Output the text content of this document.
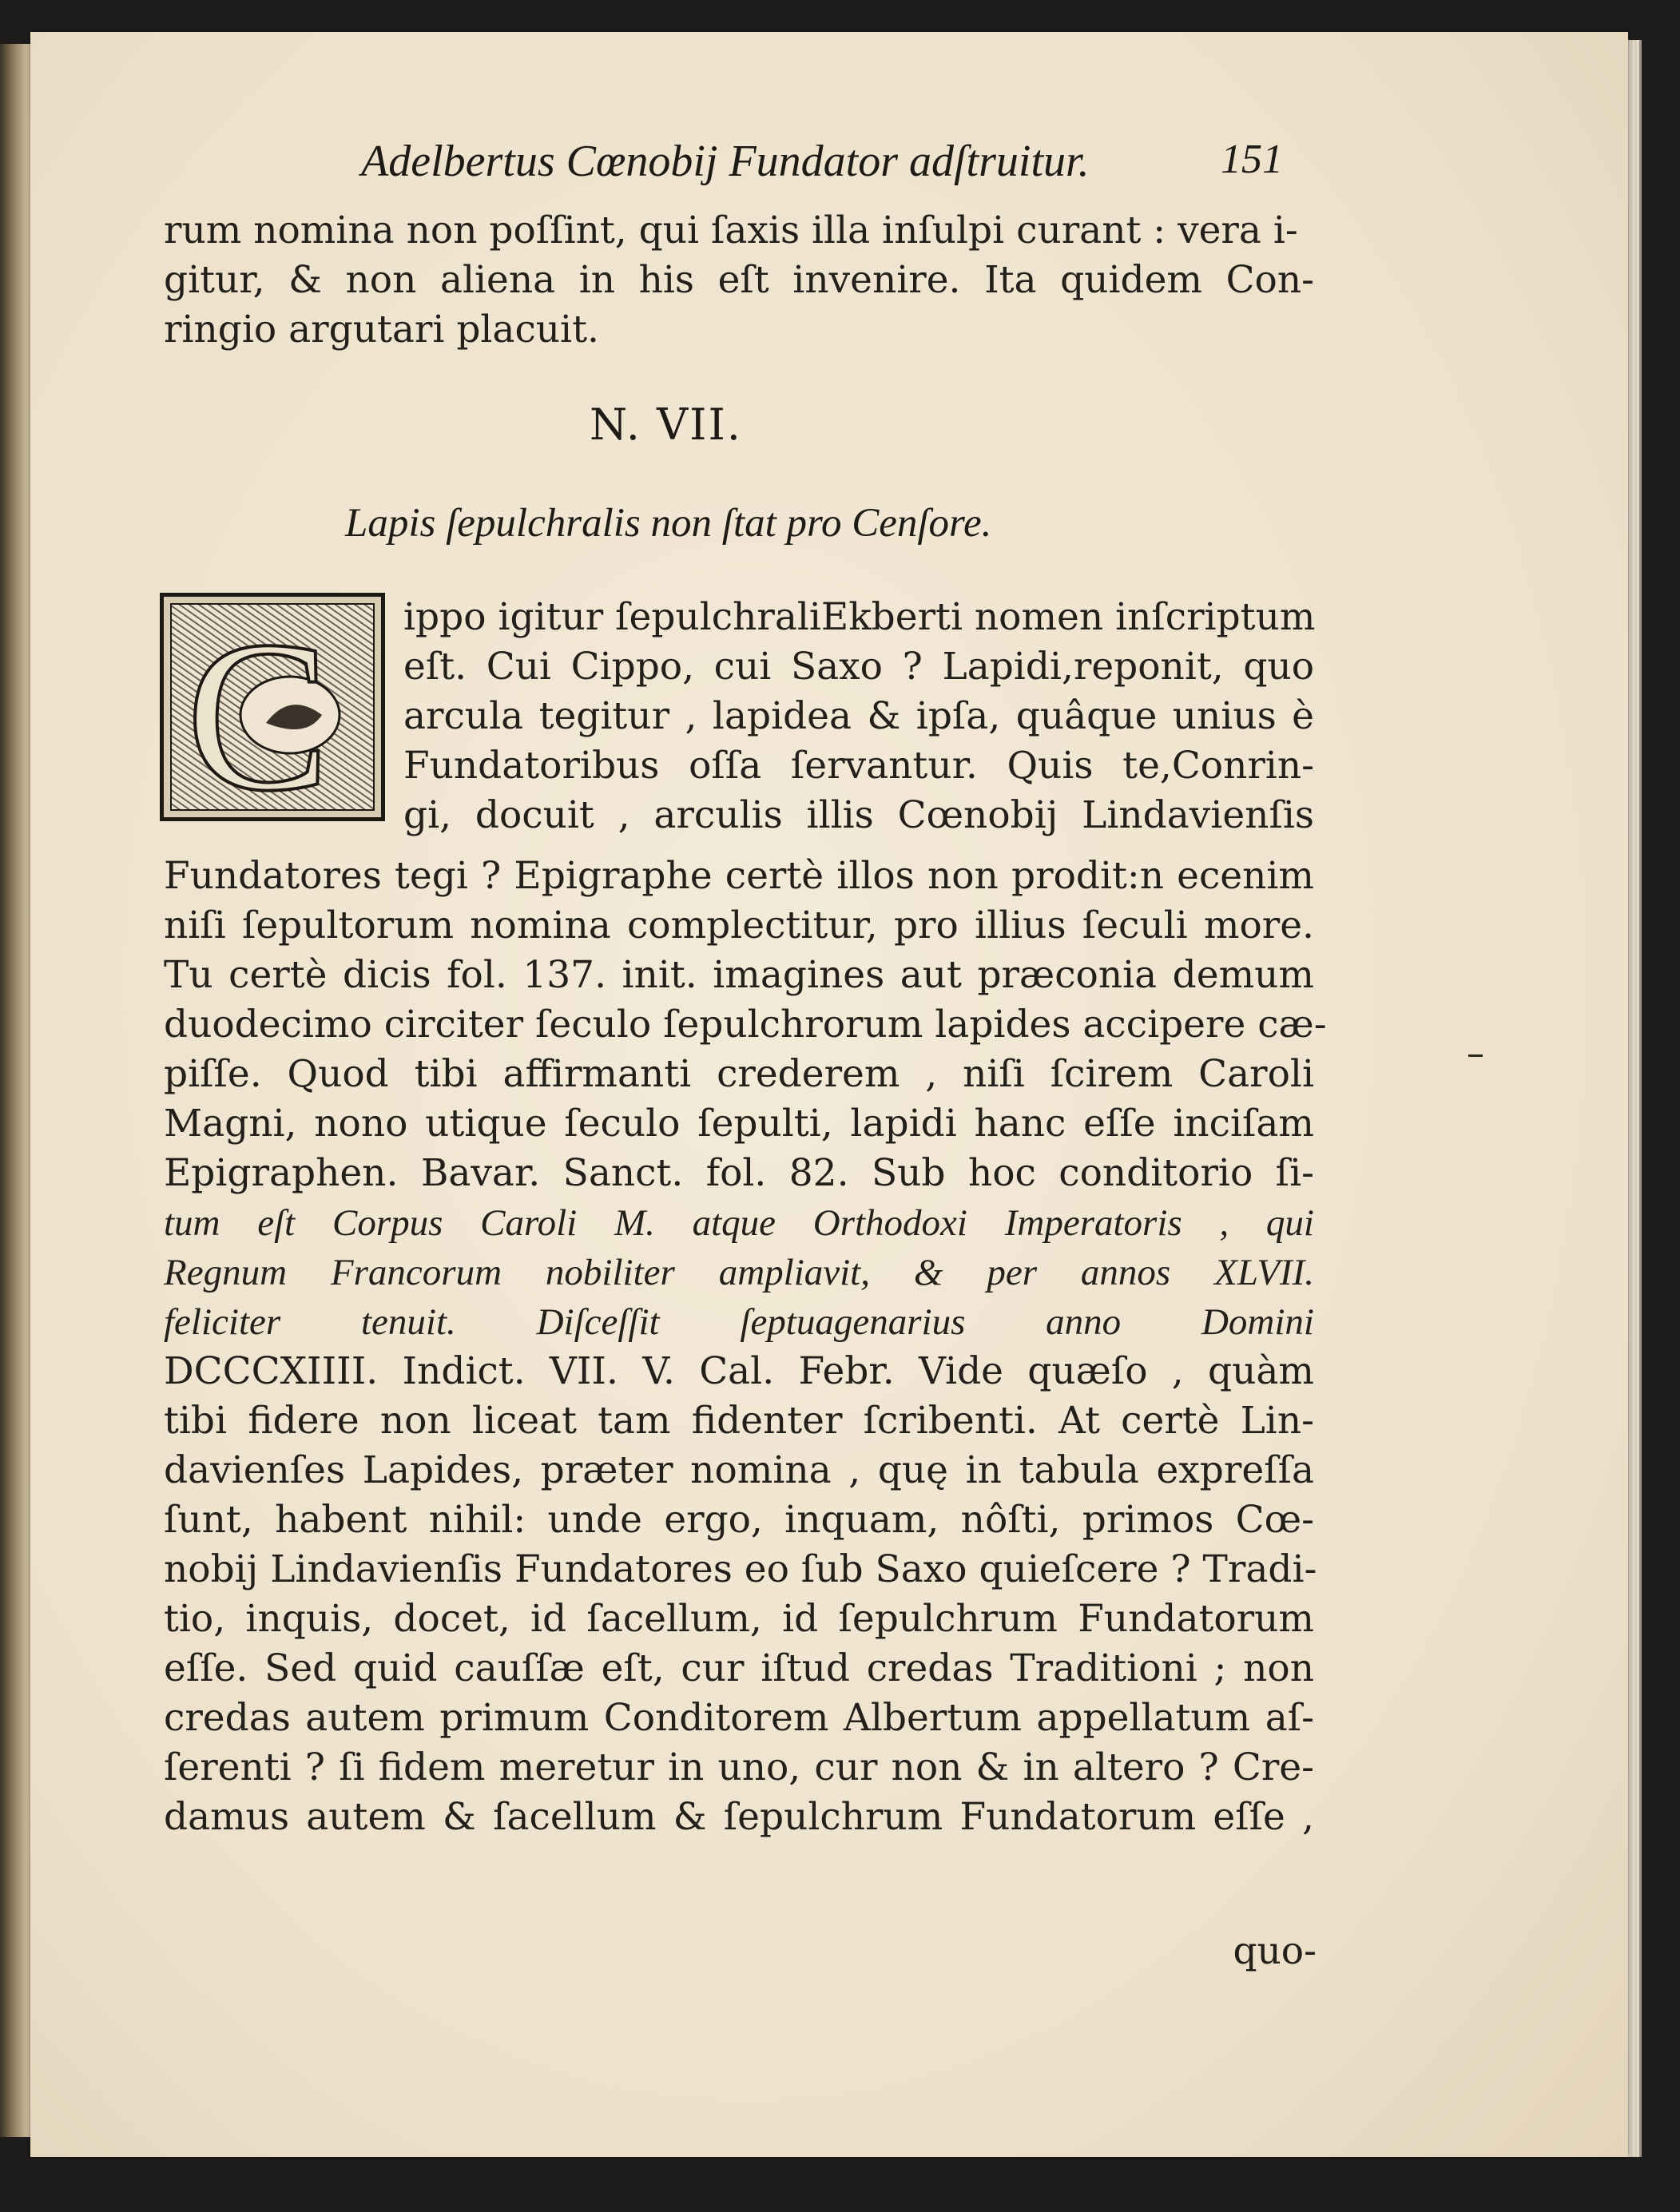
Adelbertus Cœnobij Fundator adſtruitur.	151
rum nomina non poſſint, qui ſaxis illa inſulpi curant : vera i-
gitur, & non aliena in his eſt invenire. Ita quidem Con-
ringio argutari placuit.
N. VII.
Lapis ſepulchralis non ſtat pro Cenſore.
C ippo igitur ſepulchraliEkberti nomen inſcriptum
eſt. Cui Cippo, cui Saxo ? Lapidi,reponit, quo
arcula tegitur , lapidea & ipſa, quâque unius è
Fundatoribus oſſa ſervantur. Quis te,Conrin-
gi, docuit , arculis illis Cœnobij Lindavienſis
Fundatores tegi ? Epigraphe certè illos non prodit:n ecenim
niſi ſepultorum nomina complectitur, pro illius ſeculi more.
Tu certè dicis fol. 137. init. imagines aut præconia demum
duodecimo circiter ſeculo ſepulchrorum lapides accipere cæ-
piſſe. Quod tibi affirmanti crederem , niſi ſcirem Caroli
Magni, nono utique ſeculo ſepulti, lapidi hanc eſſe inciſam
Epigraphen. Bavar. Sanct. fol. 82. Sub hoc conditorio ſi-
tum eſt Corpus Caroli M. atque Orthodoxi Imperatoris , qui
Regnum Francorum nobiliter ampliavit, & per annos XLVII.
feliciter tenuit. Diſceſſit ſeptuagenarius anno Domini
DCCCXIIII. Indict. VII. V. Cal. Febr. Vide quæſo , quàm
tibi fidere non liceat tam fidenter ſcribenti. At certè Lin-
davienſes Lapides, præter nomina , quę in tabula expreſſa
ſunt, habent nihil: unde ergo, inquam, nôſti, primos Cœ-
nobij Lindavienſis Fundatores eo ſub Saxo quieſcere ? Tradi-
tio, inquis, docet, id ſacellum, id ſepulchrum Fundatorum
eſſe. Sed quid cauſſæ eſt, cur iſtud credas Traditioni ; non
credas autem primum Conditorem Albertum appellatum aſ-
ſerenti ? ſi fidem meretur in uno, cur non & in altero ? Cre-
damus autem & ſacellum & ſepulchrum Fundatorum eſſe ,
quo-
